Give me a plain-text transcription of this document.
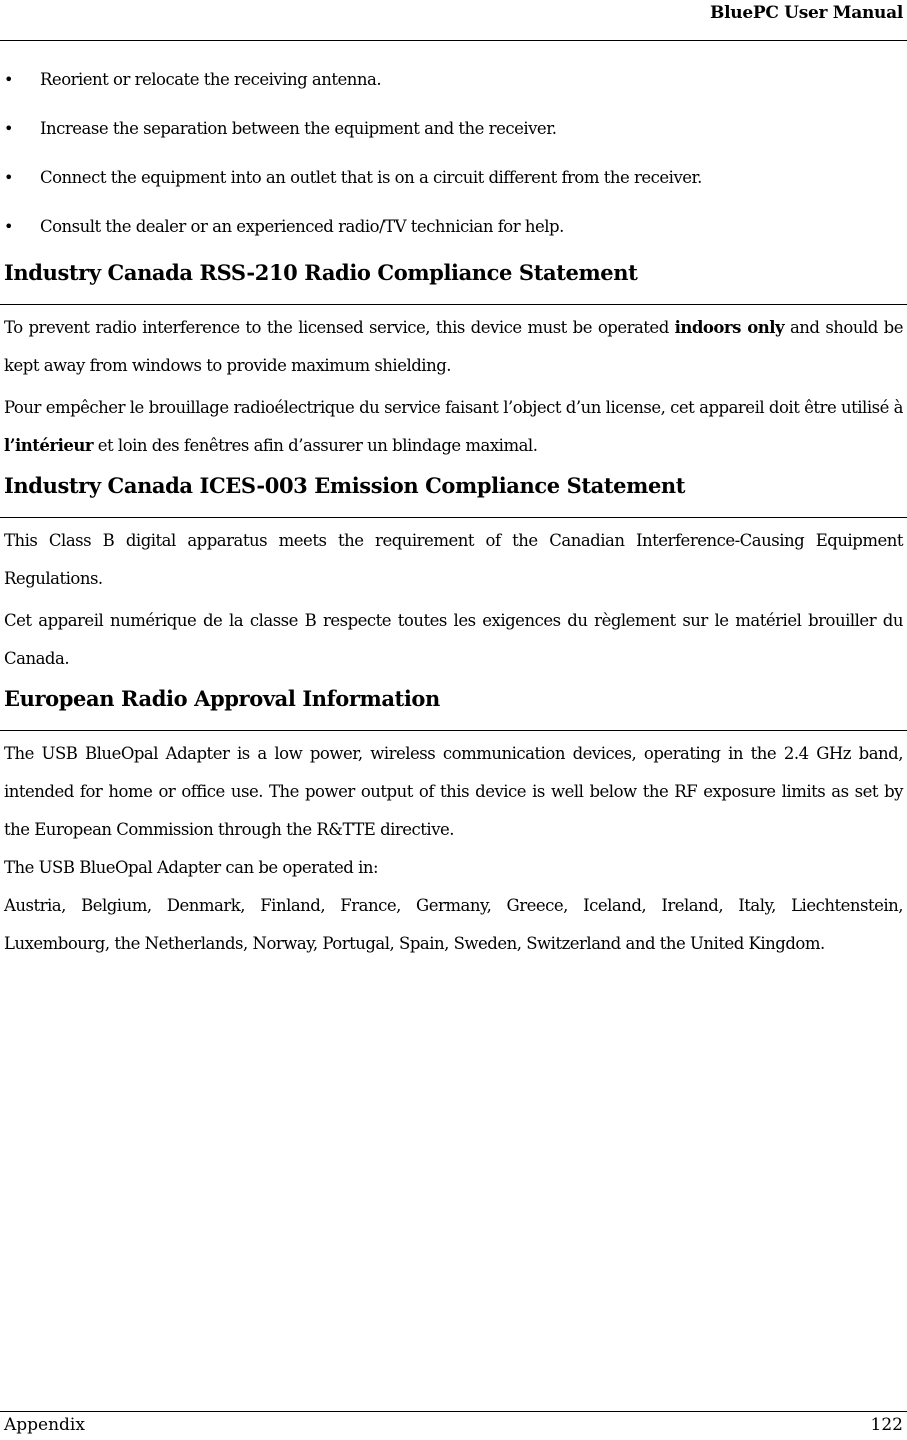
BluePC User Manual
• Reorient or relocate the receiving antenna.
• Increase the separation between the equipment and the receiver.
• Connect the equipment into an outlet that is on a circuit different from the receiver.
• Consult the dealer or an experienced radio/TV technician for help.
Industry Canada RSS-210 Radio Compliance Statement

To prevent radio interference to the licensed service, this device must be operated indoors only and should be kept away from windows to provide maximum shielding.

Pour empêcher le brouillage radioélectrique du service faisant l’object d’un license, cet appareil doit être utilisé à l’intérieur et loin des fenêtres afin d’assurer un blindage maximal.

Industry Canada ICES-003 Emission Compliance Statement

This Class B digital apparatus meets the requirement of the Canadian Interference-Causing Equipment Regulations.

Cet appareil numérique de la classe B respecte toutes les exigences du règlement sur le matériel brouiller du Canada.

European Radio Approval Information

The USB BlueOpal Adapter is a low power, wireless communication devices, operating in the 2.4 GHz band, intended for home or office use. The power output of this device is well below the RF exposure limits as set by the European Commission through the R&TTE directive.

The USB BlueOpal Adapter can be operated in:

Austria, Belgium, Denmark, Finland, France, Germany, Greece, Iceland, Ireland, Italy, Liechtenstein, Luxembourg, the Netherlands, Norway, Portugal, Spain, Sweden, Switzerland and the United Kingdom.

Appendix	122
